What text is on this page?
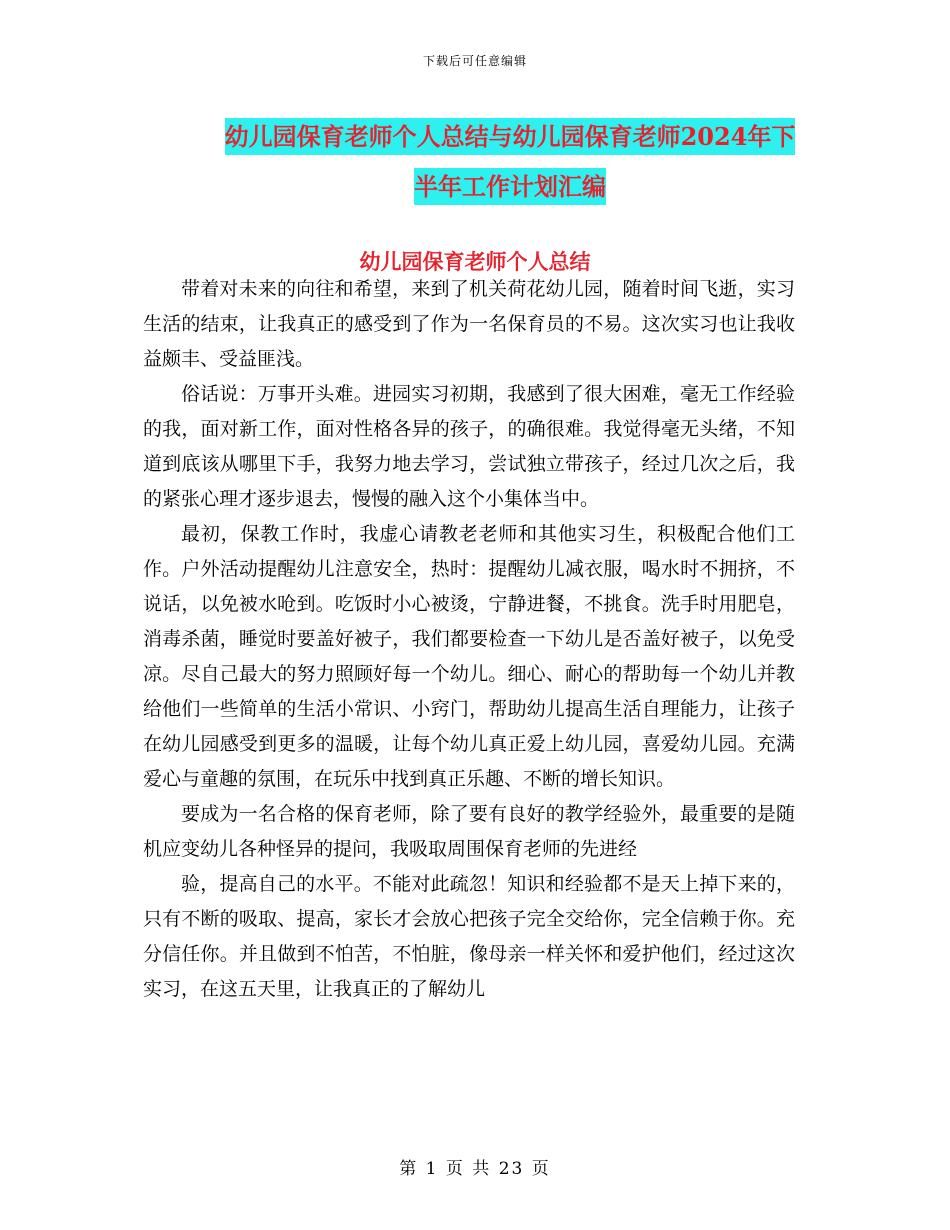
下载后可任意编辑
幼儿园保育老师个人总结与幼儿园保育老师2024年下
半年工作计划汇编
幼儿园保育老师个人总结

带着对未来的向往和希望，来到了机关荷花幼儿园，随着时间飞逝，实习生活的结束，让我真正的感受到了作为一名保育员的不易。这次实习也让我收益颇丰、受益匪浅。

俗话说：万事开头难。进园实习初期，我感到了很大困难，毫无工作经验的我，面对新工作，面对性格各异的孩子，的确很难。我觉得毫无头绪，不知道到底该从哪里下手，我努力地去学习，尝试独立带孩子，经过几次之后，我的紧张心理才逐步退去，慢慢的融入这个小集体当中。

最初，保教工作时，我虚心请教老老师和其他实习生，积极配合他们工作。户外活动提醒幼儿注意安全，热时：提醒幼儿减衣服，喝水时不拥挤，不说话，以免被水呛到。吃饭时小心被烫，宁静进餐，不挑食。洗手时用肥皂，消毒杀菌，睡觉时要盖好被子，我们都要检查一下幼儿是否盖好被子，以免受凉。尽自己最大的努力照顾好每一个幼儿。细心、耐心的帮助每一个幼儿并教给他们一些简单的生活小常识、小窍门，帮助幼儿提高生活自理能力，让孩子在幼儿园感受到更多的温暖，让每个幼儿真正爱上幼儿园，喜爱幼儿园。充满爱心与童趣的氛围，在玩乐中找到真正乐趣、不断的增长知识。

要成为一名合格的保育老师，除了要有良好的教学经验外，最重要的是随机应变幼儿各种怪异的提问，我吸取周围保育老师的先进经

验，提高自己的水平。不能对此疏忽！知识和经验都不是天上掉下来的，只有不断的吸取、提高，家长才会放心把孩子完全交给你，完全信赖于你。充分信任你。并且做到不怕苦，不怕脏，像母亲一样关怀和爱护他们，经过这次实习，在这五天里，让我真正的了解幼儿

第 1 页 共 23 页
